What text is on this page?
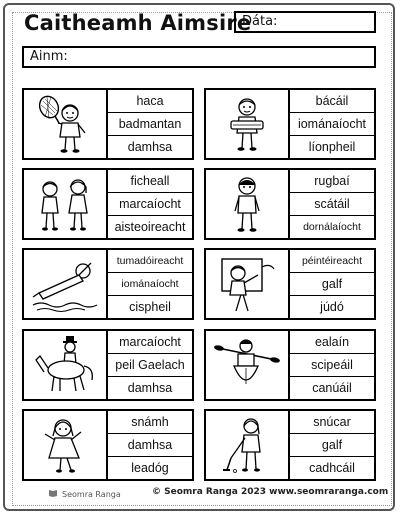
Caitheamh Aimsire
Dáta:
Ainm:
haca
badmantan
damhsa
bácáil
iománaíocht
líonpheil
ficheall
marcaíocht
aisteoireacht
rugbaí
scátáil
dornálaíocht
tumadóireacht
iománaíocht
cispheil
péintéireacht
galf
júdó
marcaíocht
peil Gaelach
damhsa
ealaín
scipeáil
canúáil
snámh
damhsa
leadóg
snúcar
galf
cadhcáil
Seomra Ranga	© Seomra Ranga 2023 www.seomraranga.com
